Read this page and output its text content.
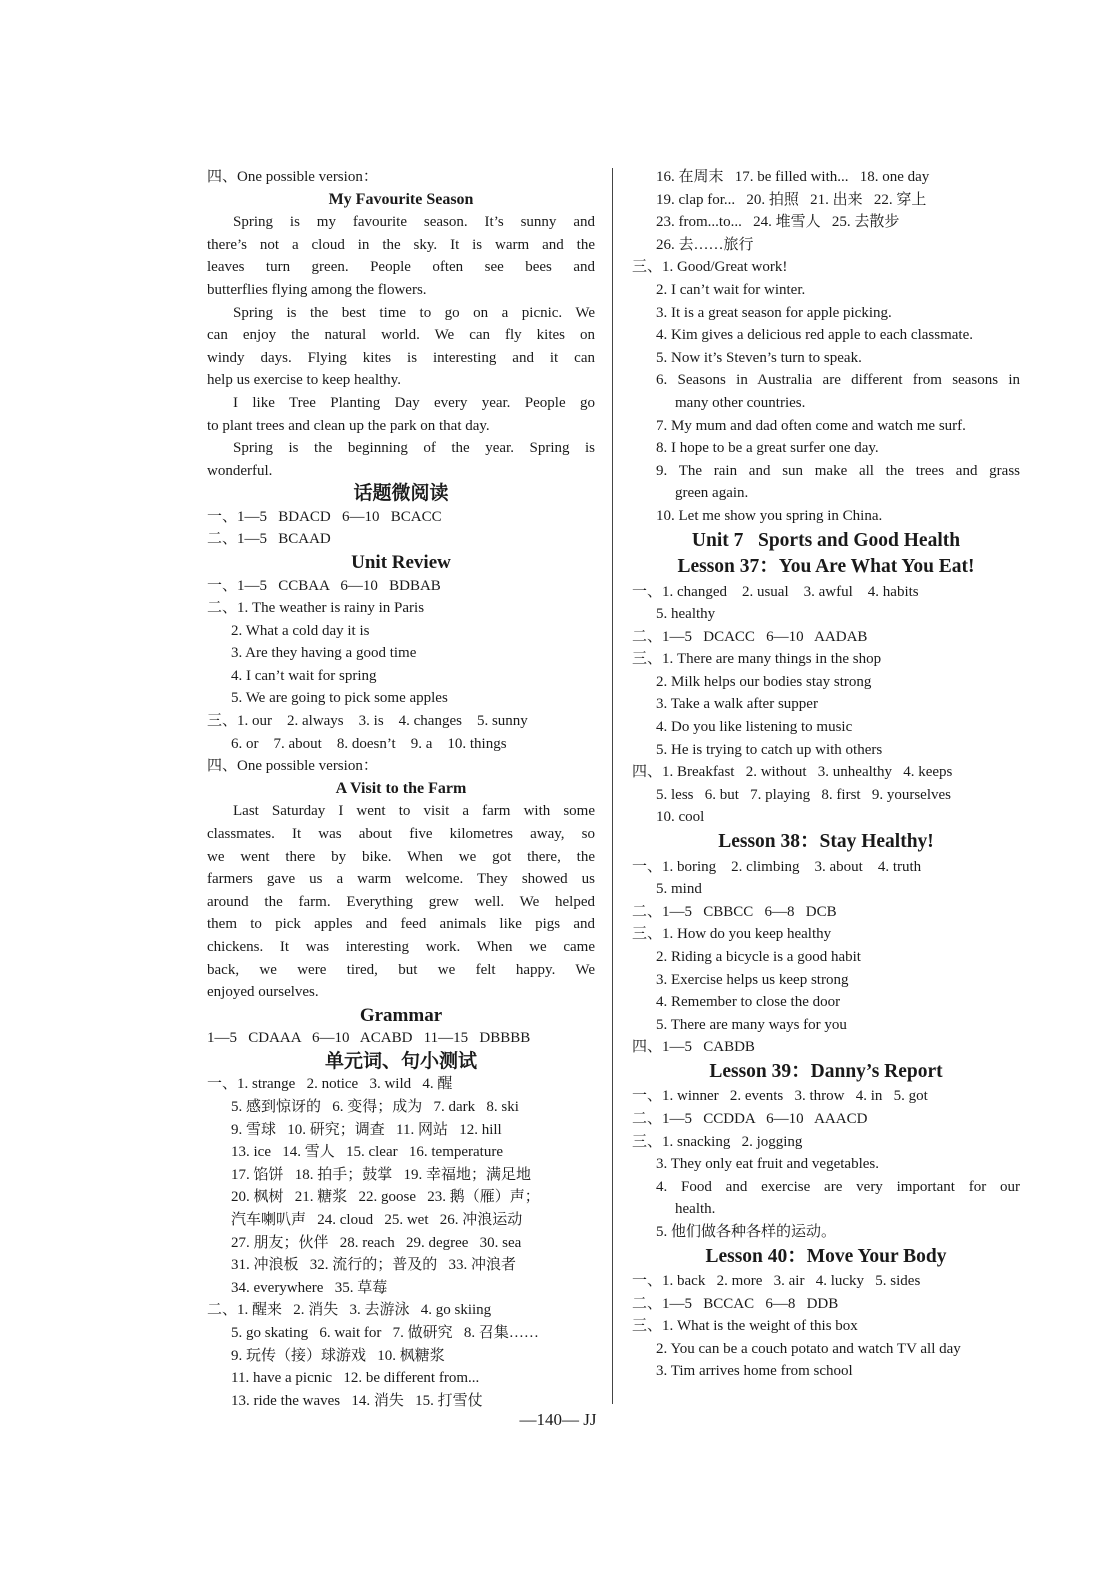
四、One possible version：
My Favourite Season
Spring is my favourite season. It’s sunny and
there’s not a cloud in the sky. It is warm and the
leaves turn green. People often see bees and
butterflies flying among the flowers.
Spring is the best time to go on a picnic. We
can enjoy the natural world. We can fly kites on
windy days. Flying kites is interesting and it can
help us exercise to keep healthy.
I like Tree Planting Day every year. People go
to plant trees and clean up the park on that day.
Spring is the beginning of the year. Spring is
wonderful.
话题微阅读
一、1—5   BDACD   6—10   BCACC
二、1—5   BCAAD
Unit Review
一、1—5   CCBAA   6—10   BDBAB
二、1. The weather is rainy in Paris
2. What a cold day it is
3. Are they having a good time
4. I can’t wait for spring
5. We are going to pick some apples
三、1. our    2. always    3. is    4. changes    5. sunny
6. or    7. about    8. doesn’t    9. a    10. things
四、One possible version：
A Visit to the Farm
Last Saturday I went to visit a farm with some
classmates. It was about five kilometres away, so
we went there by bike. When we got there, the
farmers gave us a warm welcome. They showed us
around the farm. Everything grew well. We helped
them to pick apples and feed animals like pigs and
chickens. It was interesting work. When we came
back, we were tired, but we felt happy. We
enjoyed ourselves.
Grammar
1—5   CDAAA   6—10   ACABD   11—15   DBBBB
单元词、句小测试
一、1. strange   2. notice   3. wild   4. 醒
5. 感到惊讶的   6. 变得；成为   7. dark   8. ski
9. 雪球   10. 研究；调查   11. 网站   12. hill
13. ice   14. 雪人   15. clear   16. temperature
17. 馅饼   18. 拍手；鼓掌   19. 幸福地；满足地
20. 枫树   21. 糖浆   22. goose   23. 鹅（雁）声；
汽车喇叭声   24. cloud   25. wet   26. 冲浪运动
27. 朋友；伙伴   28. reach   29. degree   30. sea
31. 冲浪板   32. 流行的；普及的   33. 冲浪者
34. everywhere   35. 草莓
二、1. 醒来   2. 消失   3. 去游泳   4. go skiing
5. go skating   6. wait for   7. 做研究   8. 召集……
9. 玩传（接）球游戏   10. 枫糖浆
11. have a picnic   12. be different from...
13. ride the waves   14. 消失   15. 打雪仗
16. 在周末   17. be filled with...   18. one day
19. clap for...   20. 拍照   21. 出来   22. 穿上
23. from...to...   24. 堆雪人   25. 去散步
26. 去……旅行
三、1. Good/Great work!
2. I can’t wait for winter.
3. It is a great season for apple picking.
4. Kim gives a delicious red apple to each classmate.
5. Now it’s Steven’s turn to speak.
6. Seasons in Australia are different from seasons in
many other countries.
7. My mum and dad often come and watch me surf.
8. I hope to be a great surfer one day.
9. The rain and sun make all the trees and grass
green again.
10. Let me show you spring in China.
Unit 7   Sports and Good Health
Lesson 37：You Are What You Eat!
一、1. changed    2. usual    3. awful    4. habits
5. healthy
二、1—5   DCACC   6—10   AADAB
三、1. There are many things in the shop
2. Milk helps our bodies stay strong
3. Take a walk after supper
4. Do you like listening to music
5. He is trying to catch up with others
四、1. Breakfast   2. without   3. unhealthy   4. keeps
5. less   6. but   7. playing   8. first   9. yourselves
10. cool
Lesson 38：Stay Healthy!
一、1. boring    2. climbing    3. about    4. truth
5. mind
二、1—5   CBBCC   6—8   DCB
三、1. How do you keep healthy
2. Riding a bicycle is a good habit
3. Exercise helps us keep strong
4. Remember to close the door
5. There are many ways for you
四、1—5   CABDB
Lesson 39：Danny’s Report
一、1. winner   2. events   3. throw   4. in   5. got
二、1—5   CCDDA   6—10   AAACD
三、1. snacking   2. jogging
3. They only eat fruit and vegetables.
4. Food and exercise are very important for our
health.
5. 他们做各种各样的运动。
Lesson 40：Move Your Body
一、1. back   2. more   3. air   4. lucky   5. sides
二、1—5   BCCAC   6—8   DDB
三、1. What is the weight of this box
2. You can be a couch potato and watch TV all day
3. Tim arrives home from school
—140— JJ
